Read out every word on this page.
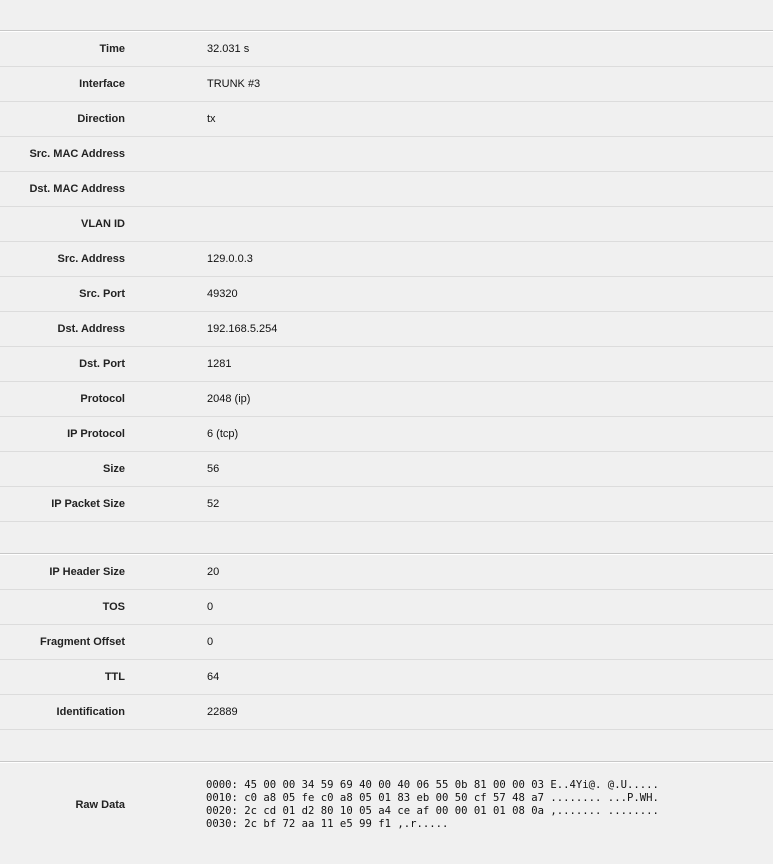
Time	32.031 s
Interface	TRUNK #3
Direction	tx
Src. MAC Address
Dst. MAC Address
VLAN ID
Src. Address	129.0.0.3
Src. Port	49320
Dst. Address	192.168.5.254
Dst. Port	1281
Protocol	2048 (ip)
IP Protocol	6 (tcp)
Size	56
IP Packet Size	52
IP Header Size	20
TOS	0
Fragment Offset	0
TTL	64
Identification	22889
Raw Data
0000: 45 00 00 34 59 69 40 00 40 06 55 0b 81 00 00 03 E..4Yi@. @.U.....
0010: c0 a8 05 fe c0 a8 05 01 83 eb 00 50 cf 57 48 a7 ........ ...P.WH.
0020: 2c cd 01 d2 80 10 05 a4 ce af 00 00 01 01 08 0a ,....... ........
0030: 2c bf 72 aa 11 e5 99 f1 ,.r.....
